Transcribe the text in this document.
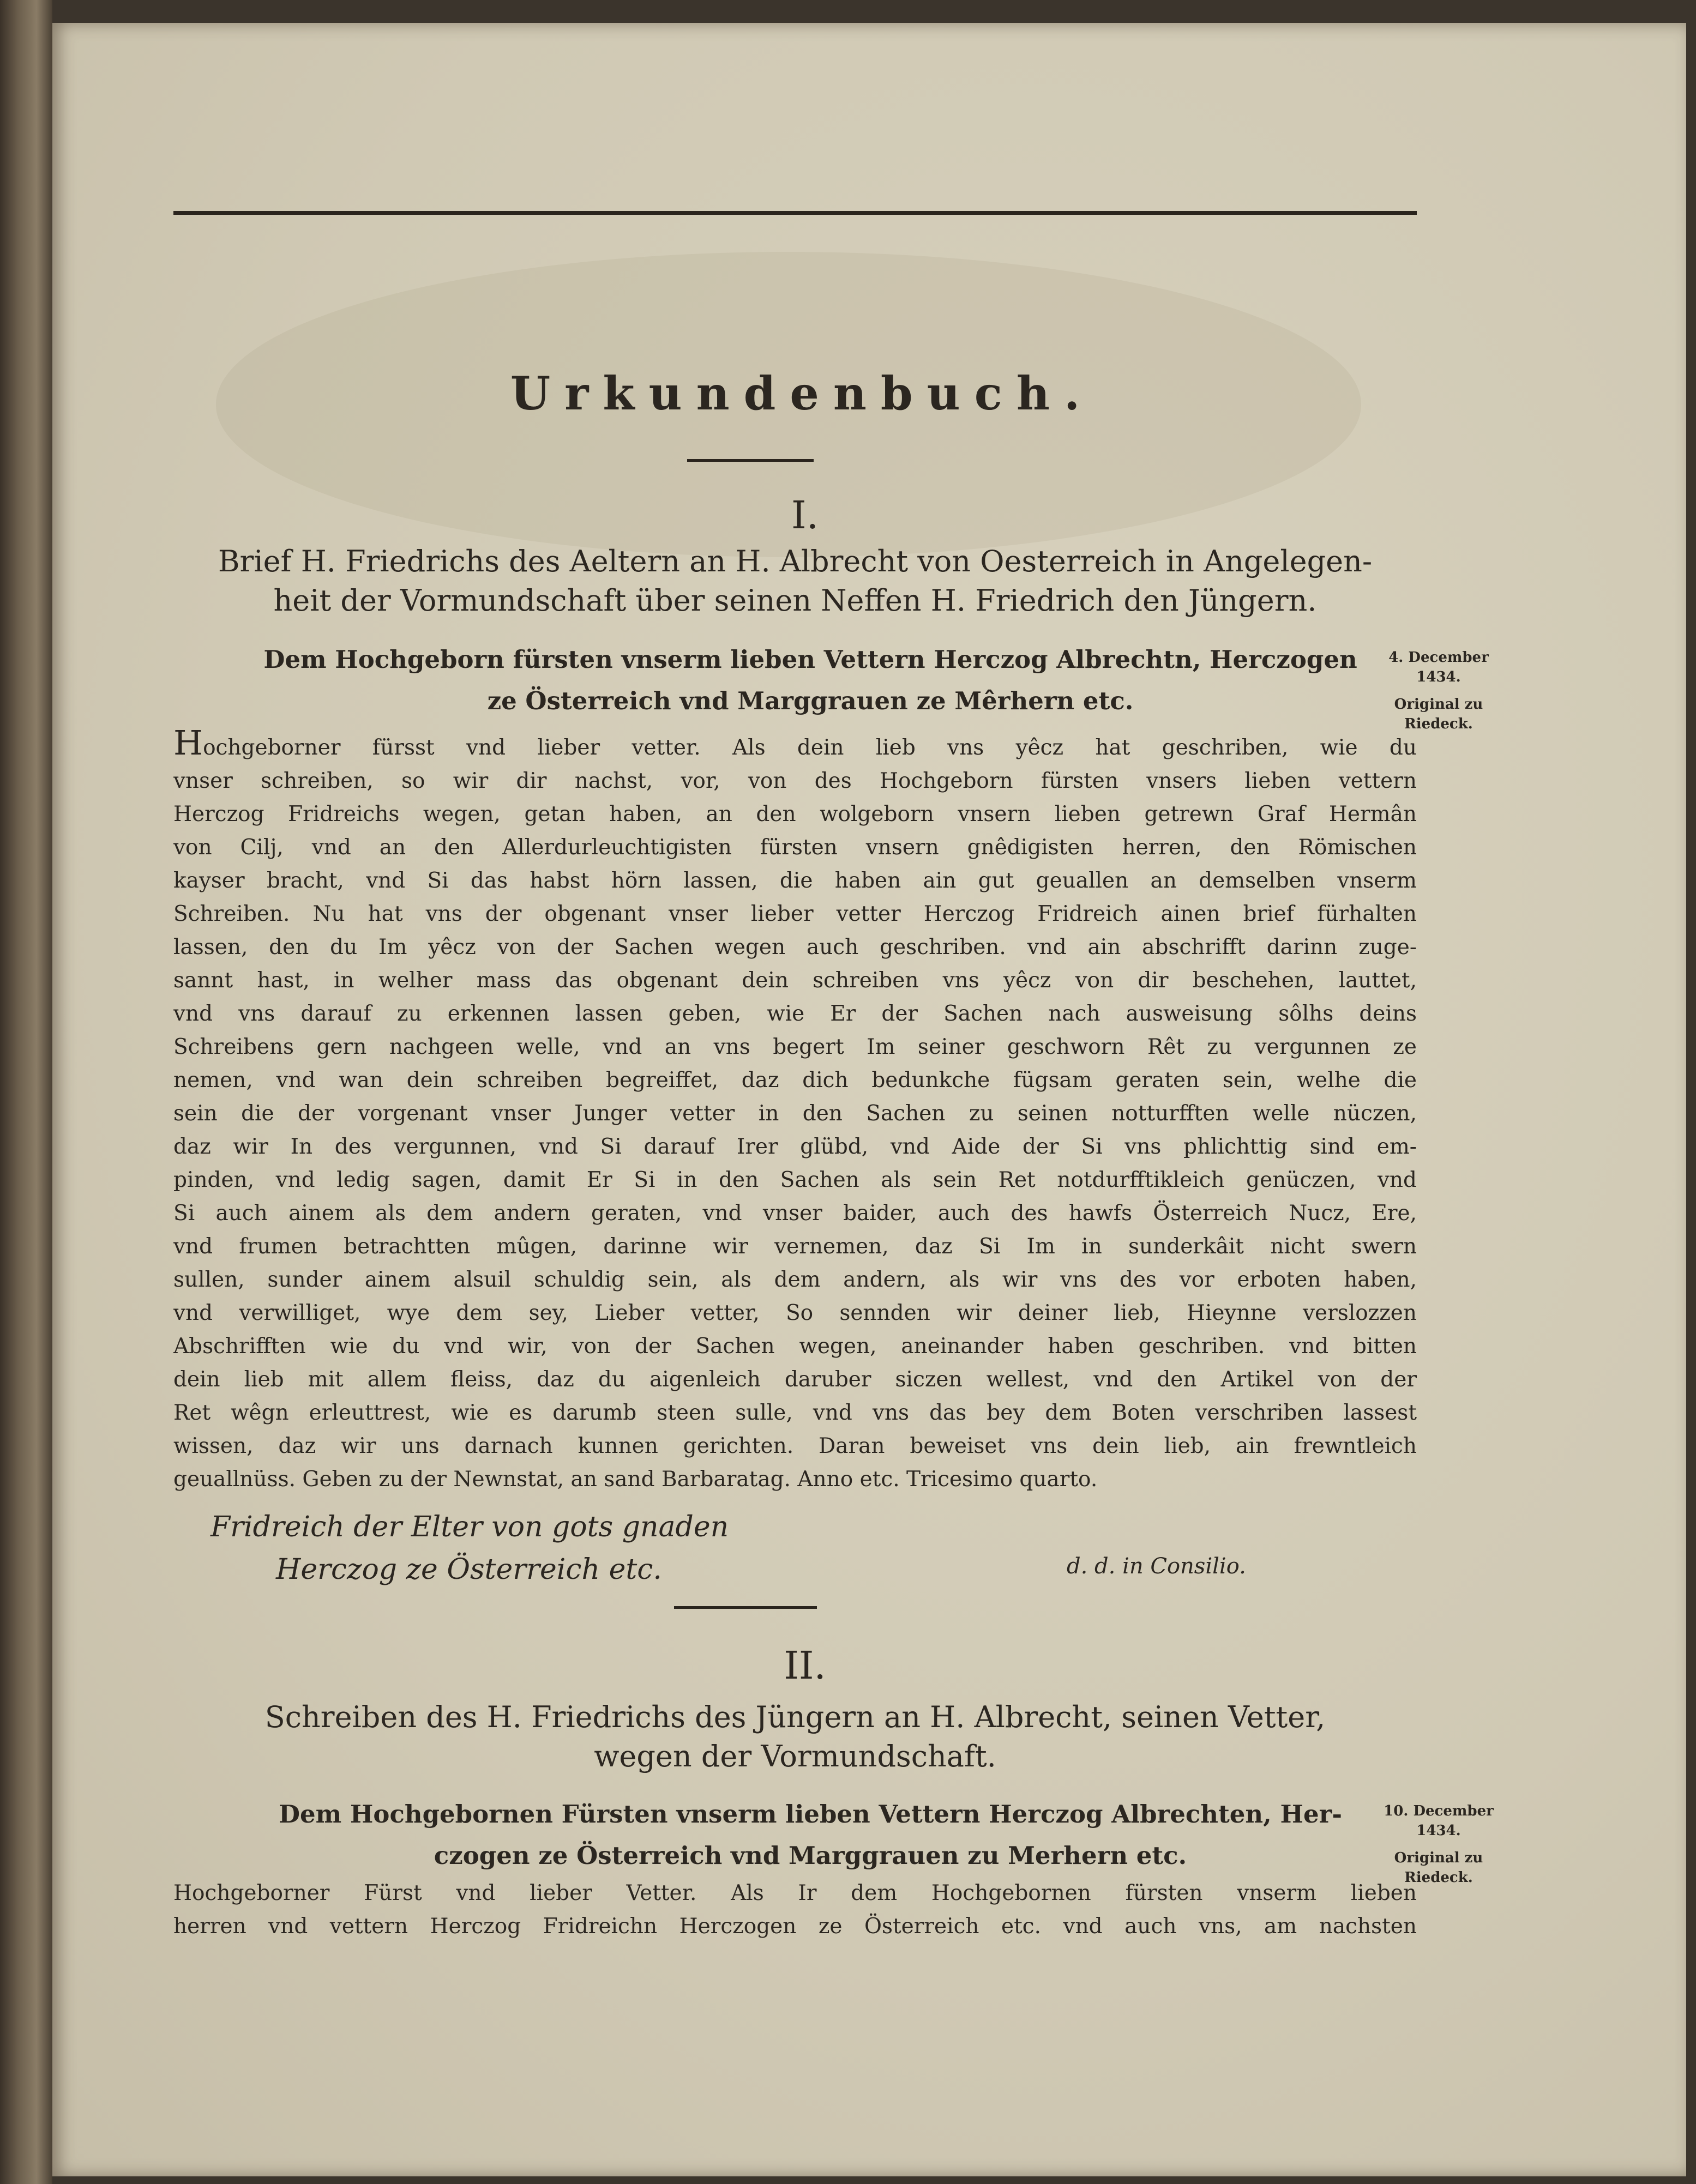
Urkundenbuch.
I.
Brief H. Friedrichs des Aeltern an H. Albrecht von Oesterreich in Angelegen-
heit der Vormundschaft über seinen Neffen H. Friedrich den Jüngern.
Dem Hochgeborn fürsten vnserm lieben Vettern Herczog Albrechtn, Herczogen
ze Österreich vnd Marggrauen ze Mêrhern etc.
4. December
1434.
Original zu
Riedeck.
Hochgeborner fürsst vnd lieber vetter. Als dein lieb vns yêcz hat geschriben, wie du
vnser schreiben, so wir dir nachst, vor, von des Hochgeborn fürsten vnsers lieben vettern
Herczog Fridreichs wegen, getan haben, an den wolgeborn vnsern lieben getrewn Graf Hermân
von Cilj, vnd an den Allerdurleuchtigisten fürsten vnsern gnêdigisten herren, den Römischen
kayser bracht, vnd Si das habst hörn lassen, die haben ain gut geuallen an demselben vnserm
Schreiben. Nu hat vns der obgenant vnser lieber vetter Herczog Fridreich ainen brief fürhalten
lassen, den du Im yêcz von der Sachen wegen auch geschriben. vnd ain abschrifft darinn zuge-
sannt hast, in welher mass das obgenant dein schreiben vns yêcz von dir beschehen, lauttet,
vnd vns darauf zu erkennen lassen geben, wie Er der Sachen nach ausweisung sôlhs deins
Schreibens gern nachgeen welle, vnd an vns begert Im seiner geschworn Rêt zu vergunnen ze
nemen, vnd wan dein schreiben begreiffet, daz dich bedunkche fügsam geraten sein, welhe die
sein die der vorgenant vnser Junger vetter in den Sachen zu seinen notturfften welle nüczen,
daz wir In des vergunnen, vnd Si darauf Irer glübd, vnd Aide der Si vns phlichttig sind em-
pinden, vnd ledig sagen, damit Er Si in den Sachen als sein Ret notdurfftikleich genüczen, vnd
Si auch ainem als dem andern geraten, vnd vnser baider, auch des hawfs Österreich Nucz, Ere,
vnd frumen betrachtten mûgen, darinne wir vernemen, daz Si Im in sunderkâit nicht swern
sullen, sunder ainem alsuil schuldig sein, als dem andern, als wir vns des vor erboten haben,
vnd verwilliget, wye dem sey, Lieber vetter, So sennden wir deiner lieb, Hieynne verslozzen
Abschrifften wie du vnd wir, von der Sachen wegen, aneinander haben geschriben. vnd bitten
dein lieb mit allem fleiss, daz du aigenleich daruber siczen wellest, vnd den Artikel von der
Ret wêgn erleuttrest, wie es darumb steen sulle, vnd vns das bey dem Boten verschriben lassest
wissen, daz wir uns darnach kunnen gerichten. Daran beweiset vns dein lieb, ain frewntleich
geuallnüss. Geben zu der Newnstat, an sand Barbaratag. Anno etc. Tricesimo quarto.
Fridreich der Elter von gots gnaden
Herczog ze Österreich etc.	d. d. in Consilio.
II.
Schreiben des H. Friedrichs des Jüngern an H. Albrecht, seinen Vetter,
wegen der Vormundschaft.
Dem Hochgebornen Fürsten vnserm lieben Vettern Herczog Albrechten, Her-
czogen ze Österreich vnd Marggrauen zu Merhern etc.
10. December
1434.
Original zu
Riedeck.
Hochgeborner Fürst vnd lieber Vetter. Als Ir dem Hochgebornen fürsten vnserm lieben
herren vnd vettern Herczog Fridreichn Herczogen ze Österreich etc. vnd auch vns, am nachsten
